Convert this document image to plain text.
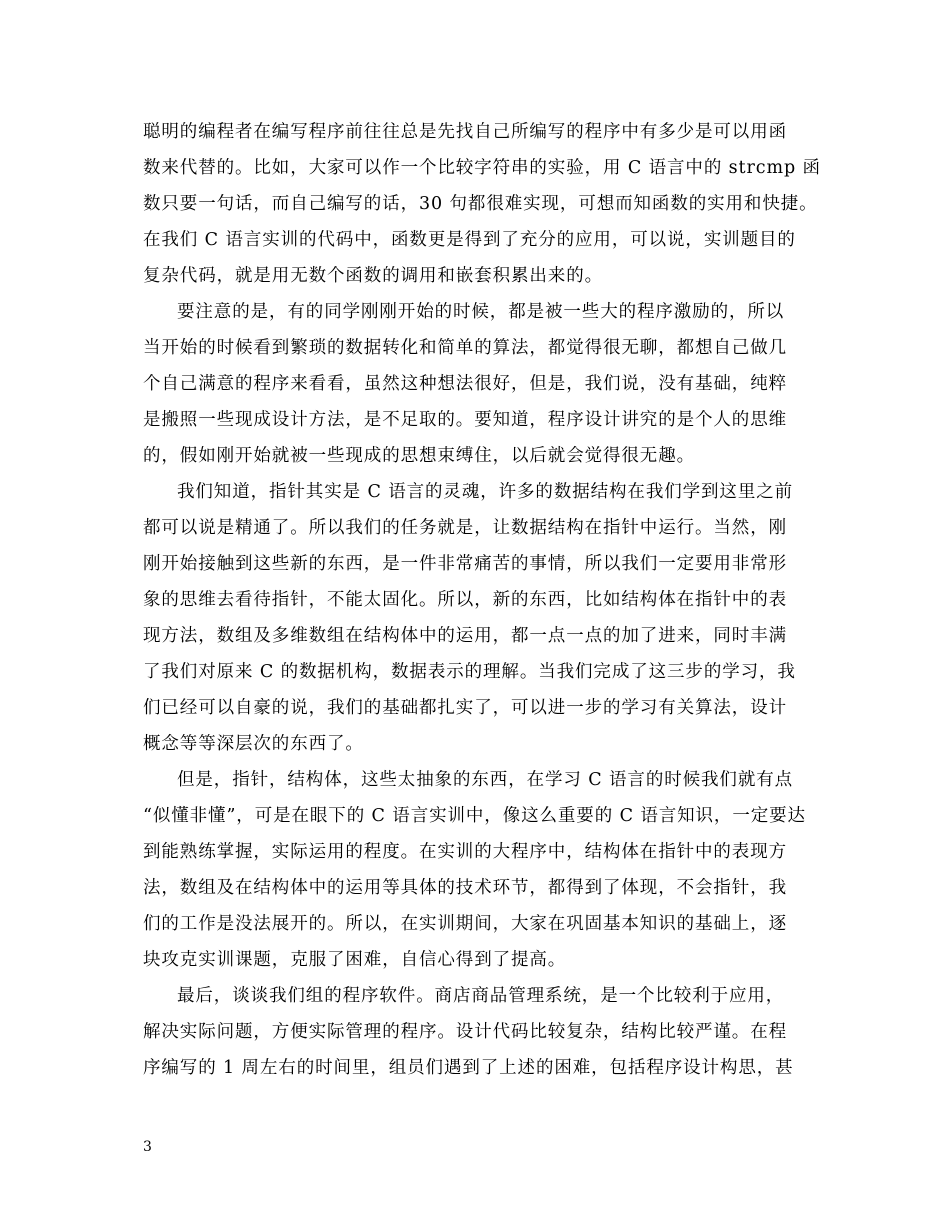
聪明的编程者在编写程序前往往总是先找自己所编写的程序中有多少是可以用函
数来代替的。比如，大家可以作一个比较字符串的实验，用 C 语言中的 strcmp 函
数只要一句话，而自己编写的话，30 句都很难实现，可想而知函数的实用和快捷。
在我们 C 语言实训的代码中，函数更是得到了充分的应用，可以说，实训题目的
复杂代码，就是用无数个函数的调用和嵌套积累出来的。
要注意的是，有的同学刚刚开始的时候，都是被一些大的程序激励的，所以
当开始的时候看到繁琐的数据转化和简单的算法，都觉得很无聊，都想自己做几
个自己满意的程序来看看，虽然这种想法很好，但是，我们说，没有基础，纯粹
是搬照一些现成设计方法，是不足取的。要知道，程序设计讲究的是个人的思维
的，假如刚开始就被一些现成的思想束缚住，以后就会觉得很无趣。
我们知道，指针其实是 C 语言的灵魂，许多的数据结构在我们学到这里之前
都可以说是精通了。所以我们的任务就是，让数据结构在指针中运行。当然，刚
刚开始接触到这些新的东西，是一件非常痛苦的事情，所以我们一定要用非常形
象的思维去看待指针，不能太固化。所以，新的东西，比如结构体在指针中的表
现方法，数组及多维数组在结构体中的运用，都一点一点的加了进来，同时丰满
了我们对原来 C 的数据机构，数据表示的理解。当我们完成了这三步的学习，我
们已经可以自豪的说，我们的基础都扎实了，可以进一步的学习有关算法，设计
概念等等深层次的东西了。
但是，指针，结构体，这些太抽象的东西，在学习 C 语言的时候我们就有点
“似懂非懂”，可是在眼下的 C 语言实训中，像这么重要的 C 语言知识，一定要达
到能熟练掌握，实际运用的程度。在实训的大程序中，结构体在指针中的表现方
法，数组及在结构体中的运用等具体的技术环节，都得到了体现，不会指针，我
们的工作是没法展开的。所以，在实训期间，大家在巩固基本知识的基础上，逐
块攻克实训课题，克服了困难，自信心得到了提高。
最后，谈谈我们组的程序软件。商店商品管理系统，是一个比较利于应用，
解决实际问题，方便实际管理的程序。设计代码比较复杂，结构比较严谨。在程
序编写的 1 周左右的时间里，组员们遇到了上述的困难，包括程序设计构思，甚
3
